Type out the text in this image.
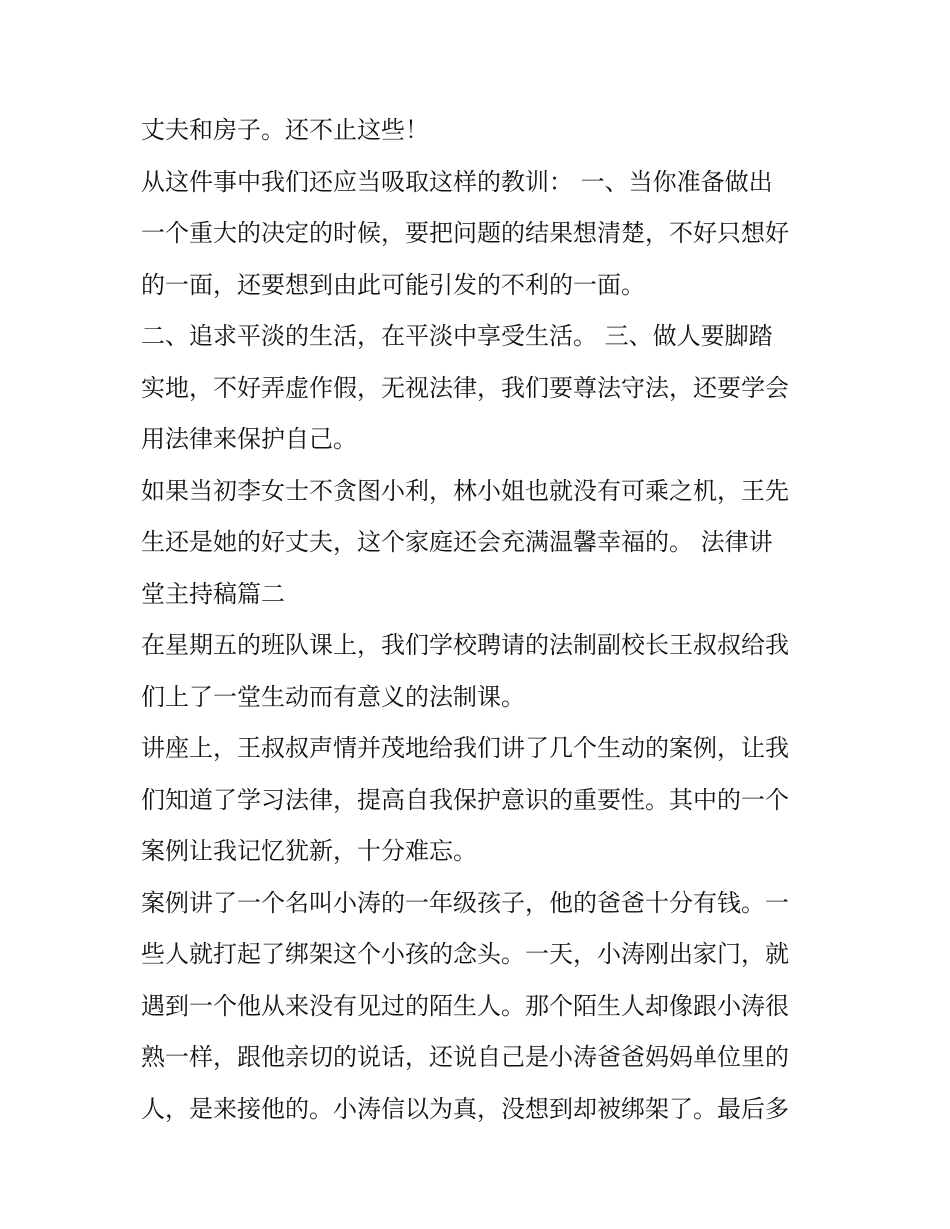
丈夫和房子。还不止这些！
从这件事中我们还应当吸取这样的教训： 一、当你准备做出
一个重大的决定的时候，要把问题的结果想清楚，不好只想好
的一面，还要想到由此可能引发的不利的一面。
二、追求平淡的生活，在平淡中享受生活。 三、做人要脚踏
实地，不好弄虚作假，无视法律，我们要尊法守法，还要学会
用法律来保护自己。
如果当初李女士不贪图小利，林小姐也就没有可乘之机，王先
生还是她的好丈夫，这个家庭还会充满温馨幸福的。 法律讲
堂主持稿篇二
在星期五的班队课上，我们学校聘请的法制副校长王叔叔给我
们上了一堂生动而有意义的法制课。
讲座上，王叔叔声情并茂地给我们讲了几个生动的案例，让我
们知道了学习法律，提高自我保护意识的重要性。其中的一个
案例让我记忆犹新，十分难忘。
案例讲了一个名叫小涛的一年级孩子，他的爸爸十分有钱。一
些人就打起了绑架这个小孩的念头。一天，小涛刚出家门，就
遇到一个他从来没有见过的陌生人。那个陌生人却像跟小涛很
熟一样，跟他亲切的说话，还说自己是小涛爸爸妈妈单位里的
人，是来接他的。小涛信以为真，没想到却被绑架了。最后多
